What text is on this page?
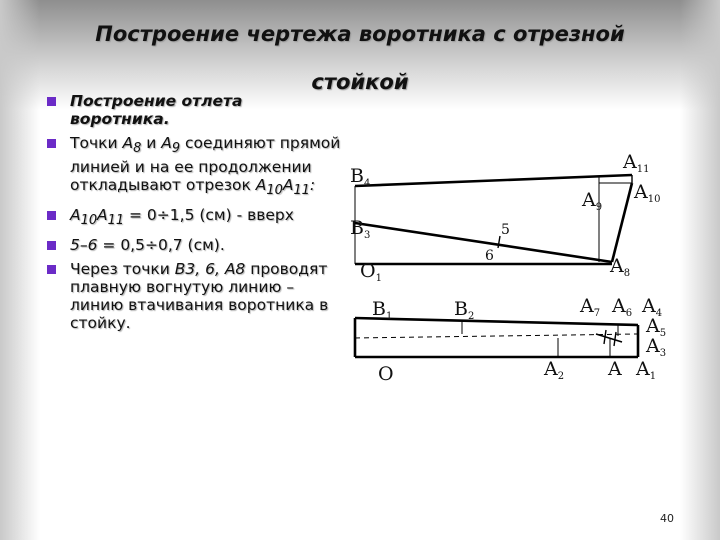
Построение чертежа воротника с отрезной
стойкой
Построение отлета воротника.
Точки $А_8$ и $А_9$ соединяют прямой линией и на ее продолжении откладывают отрезок $А_{10}А_{11}$:
$А_{10}А_{11} = 0\div 1,5$ (см) - вверх
5–6 = 0,5÷0,7 (см).
Через точки В3, 6, А8 проводят плавную вогнутую линию – линию втачивания воротника в стойку.
$B_4$
$A_{11}$
$A_9$
$A_{10}$
$B_3$	5
6
$O_1$
$A_8$
$B_1$	$B_2$	$A_7$ $A_6$ $A_4$
$A_5$
$A_3$
O	$A_2$ A $A_1$
40
